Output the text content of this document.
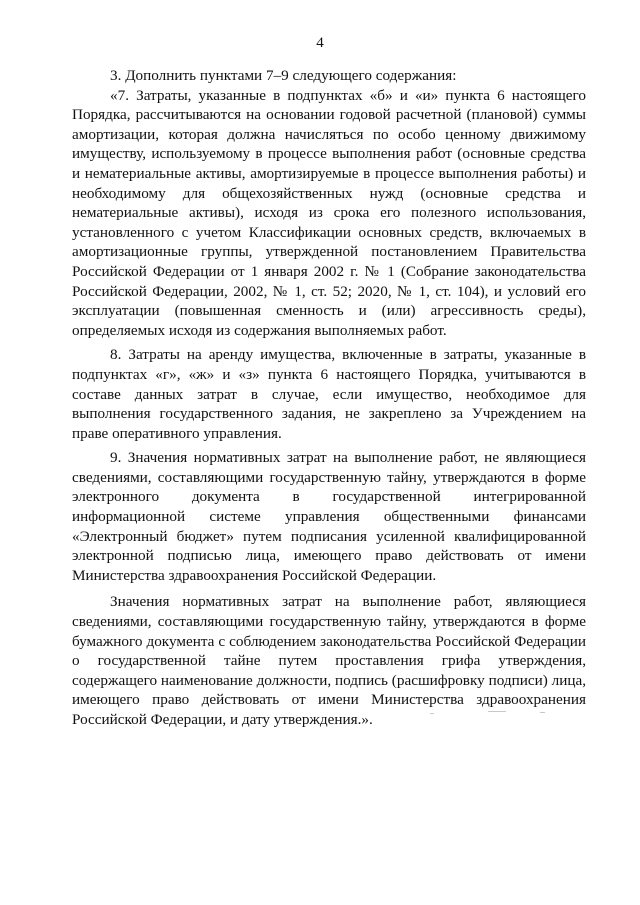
4

3. Дополнить пунктами 7–9 следующего содержания:

«7. Затраты, указанные в подпунктах «б» и «и» пункта 6 настоящего Порядка, рассчитываются на основании годовой расчетной (плановой) суммы амортизации, которая должна начисляться по особо ценному движимому имуществу, используемому в процессе выполнения работ (основные средства и нематериальные активы, амортизируемые в процессе выполнения работы) и необходимому для общехозяйственных нужд (основные средства и нематериальные активы), исходя из срока его полезного использования, установленного с учетом Классификации основных средств, включаемых в амортизационные группы, утвержденной постановлением Правительства Российской Федерации от 1 января 2002 г. № 1 (Собрание законодательства Российской Федерации, 2002, № 1, ст. 52; 2020, № 1, ст. 104), и условий его эксплуатации (повышенная сменность и (или) агрессивность среды), определяемых исходя из содержания выполняемых работ.

8. Затраты на аренду имущества, включенные в затраты, указанные в подпунктах «г», «ж» и «з» пункта 6 настоящего Порядка, учитываются в составе данных затрат в случае, если имущество, необходимое для выполнения государственного задания, не закреплено за Учреждением на праве оперативного управления.

9. Значения нормативных затрат на выполнение работ, не являющиеся сведениями, составляющими государственную тайну, утверждаются в форме электронного документа в государственной интегрированной информационной системе управления общественными финансами «Электронный бюджет» путем подписания усиленной квалифицированной электронной подписью лица, имеющего право действовать от имени Министерства здравоохранения Российской Федерации.

Значения нормативных затрат на выполнение работ, являющиеся сведениями, составляющими государственную тайну, утверждаются в форме бумажного документа с соблюдением законодательства Российской Федерации о государственной тайне путем проставления грифа утверждения, содержащего наименование должности, подпись (расшифровку подписи) лица, имеющего право действовать от имени Министерства здравоохранения Российской Федерации, и дату утверждения.».
